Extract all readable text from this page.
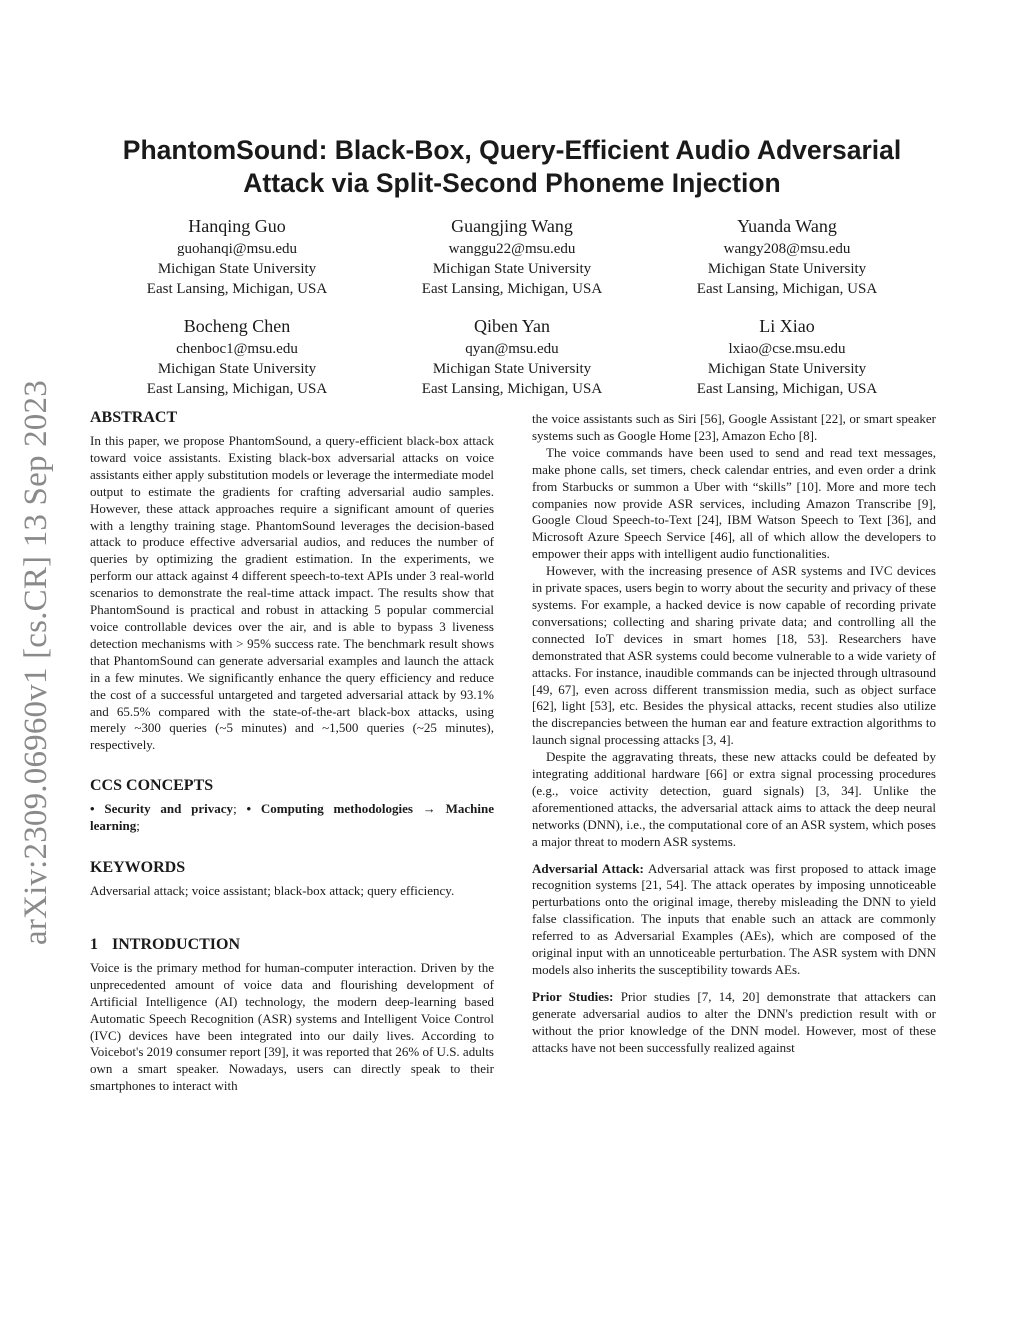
arXiv:2309.06960v1 [cs.CR] 13 Sep 2023
PhantomSound: Black-Box, Query-Efficient Audio Adversarial
Attack via Split-Second Phoneme Injection
Hanqing Guo
guohanqi@msu.edu
Michigan State University
East Lansing, Michigan, USA
Guangjing Wang
wanggu22@msu.edu
Michigan State University
East Lansing, Michigan, USA
Yuanda Wang
wangy208@msu.edu
Michigan State University
East Lansing, Michigan, USA
Bocheng Chen
chenboc1@msu.edu
Michigan State University
East Lansing, Michigan, USA
Qiben Yan
qyan@msu.edu
Michigan State University
East Lansing, Michigan, USA
Li Xiao
lxiao@cse.msu.edu
Michigan State University
East Lansing, Michigan, USA
ABSTRACT

In this paper, we propose PhantomSound, a query-efficient black-box attack toward voice assistants. Existing black-box adversarial attacks on voice assistants either apply substitution models or leverage the intermediate model output to estimate the gradients for crafting adversarial audio samples. However, these attack approaches require a significant amount of queries with a lengthy training stage. PhantomSound leverages the decision-based attack to produce effective adversarial audios, and reduces the number of queries by optimizing the gradient estimation. In the experiments, we perform our attack against 4 different speech-to-text APIs under 3 real-world scenarios to demonstrate the real-time attack impact. The results show that PhantomSound is practical and robust in attacking 5 popular commercial voice controllable devices over the air, and is able to bypass 3 liveness detection mechanisms with > 95% success rate. The benchmark result shows that PhantomSound can generate adversarial examples and launch the attack in a few minutes. We significantly enhance the query efficiency and reduce the cost of a successful untargeted and targeted adversarial attack by 93.1% and 65.5% compared with the state-of-the-art black-box attacks, using merely ~300 queries (~5 minutes) and ~1,500 queries (~25 minutes), respectively.

CCS CONCEPTS

• Security and privacy; • Computing methodologies → Machine learning;

KEYWORDS

Adversarial attack; voice assistant; black-box attack; query efficiency.

1 INTRODUCTION

Voice is the primary method for human-computer interaction. Driven by the unprecedented amount of voice data and flourishing development of Artificial Intelligence (AI) technology, the modern deep-learning based Automatic Speech Recognition (ASR) systems and Intelligent Voice Control (IVC) devices have been integrated into our daily lives. According to Voicebot's 2019 consumer report [39], it was reported that 26% of U.S. adults own a smart speaker. Nowadays, users can directly speak to their smartphones to interact with

the voice assistants such as Siri [56], Google Assistant [22], or smart speaker systems such as Google Home [23], Amazon Echo [8].

The voice commands have been used to send and read text messages, make phone calls, set timers, check calendar entries, and even order a drink from Starbucks or summon a Uber with “skills” [10]. More and more tech companies now provide ASR services, including Amazon Transcribe [9], Google Cloud Speech-to-Text [24], IBM Watson Speech to Text [36], and Microsoft Azure Speech Service [46], all of which allow the developers to empower their apps with intelligent audio functionalities.

However, with the increasing presence of ASR systems and IVC devices in private spaces, users begin to worry about the security and privacy of these systems. For example, a hacked device is now capable of recording private conversations; collecting and sharing private data; and controlling all the connected IoT devices in smart homes [18, 53]. Researchers have demonstrated that ASR systems could become vulnerable to a wide variety of attacks. For instance, inaudible commands can be injected through ultrasound [49, 67], even across different transmission media, such as object surface [62], light [53], etc. Besides the physical attacks, recent studies also utilize the discrepancies between the human ear and feature extraction algorithms to launch signal processing attacks [3, 4].

Despite the aggravating threats, these new attacks could be defeated by integrating additional hardware [66] or extra signal processing procedures (e.g., voice activity detection, guard signals) [3, 34]. Unlike the aforementioned attacks, the adversarial attack aims to attack the deep neural networks (DNN), i.e., the computational core of an ASR system, which poses a major threat to modern ASR systems.

Adversarial Attack: Adversarial attack was first proposed to attack image recognition systems [21, 54]. The attack operates by imposing unnoticeable perturbations onto the original image, thereby misleading the DNN to yield false classification. The inputs that enable such an attack are commonly referred to as Adversarial Examples (AEs), which are composed of the original input with an unnoticeable perturbation. The ASR system with DNN models also inherits the susceptibility towards AEs.

Prior Studies: Prior studies [7, 14, 20] demonstrate that attackers can generate adversarial audios to alter the DNN's prediction result with or without the prior knowledge of the DNN model. However, most of these attacks have not been successfully realized against
